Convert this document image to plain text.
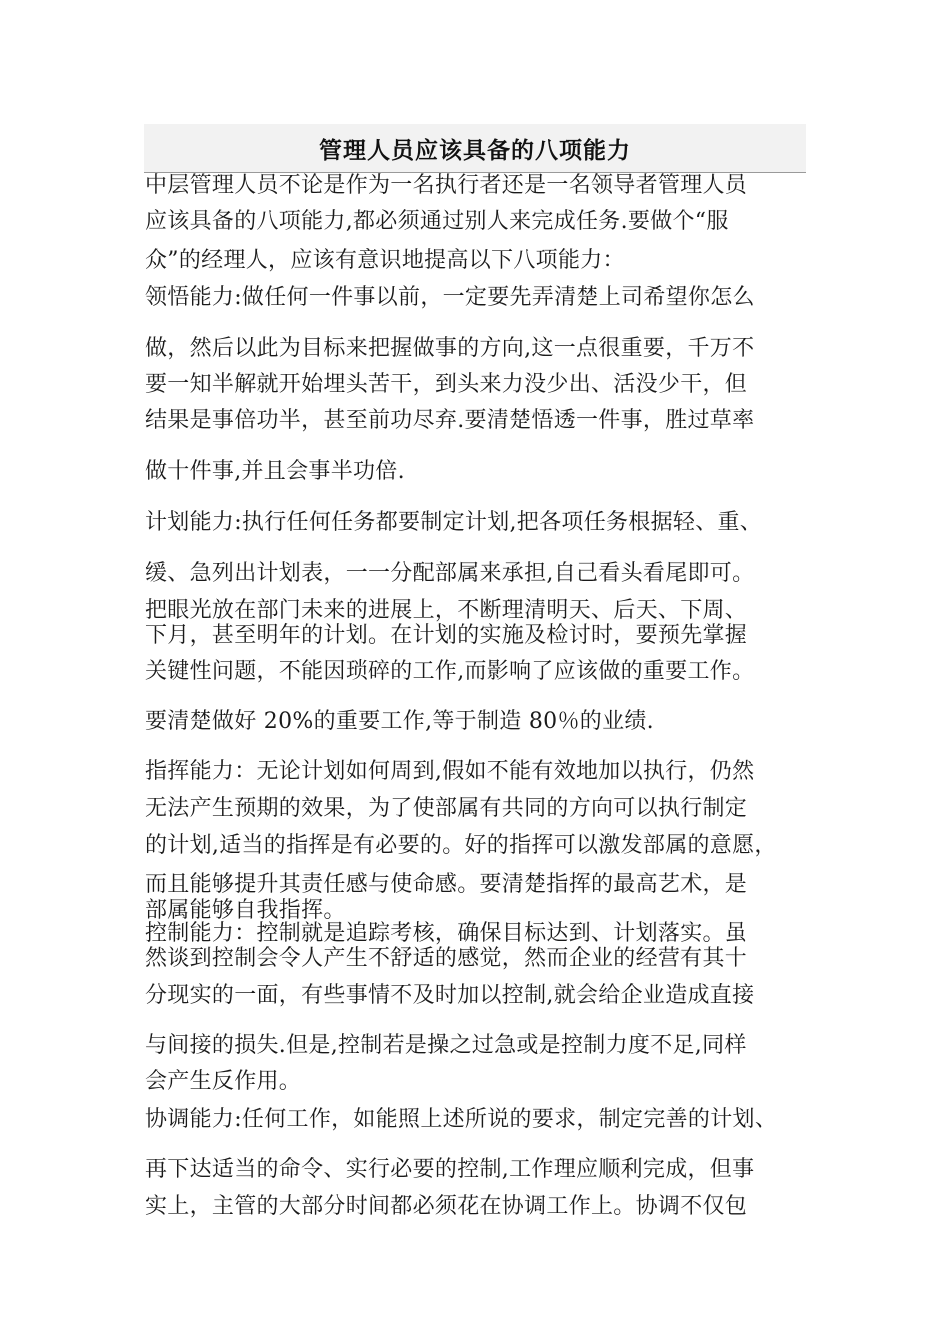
管理人员应该具备的八项能力
中层管理人员不论是作为一名执行者还是一名领导者管理人员
应该具备的八项能力,都必须通过别人来完成任务.要做个“服
众”的经理人，应该有意识地提高以下八项能力：
领悟能力:做任何一件事以前，一定要先弄清楚上司希望你怎么
做，然后以此为目标来把握做事的方向,这一点很重要，千万不
要一知半解就开始埋头苦干，到头来力没少出、活没少干，但
结果是事倍功半，甚至前功尽弃.要清楚悟透一件事，胜过草率
做十件事,并且会事半功倍.
计划能力:执行任何任务都要制定计划,把各项任务根据轻、重、
缓、急列出计划表，一一分配部属来承担,自己看头看尾即可。
把眼光放在部门未来的进展上，不断理清明天、后天、下周、
下月，甚至明年的计划。在计划的实施及检讨时，要预先掌握
关键性问题，不能因琐碎的工作,而影响了应该做的重要工作。
要清楚做好 20%的重要工作,等于制造 80％的业绩.
指挥能力：无论计划如何周到,假如不能有效地加以执行，仍然
无法产生预期的效果，为了使部属有共同的方向可以执行制定
的计划,适当的指挥是有必要的。好的指挥可以激发部属的意愿，
而且能够提升其责任感与使命感。要清楚指挥的最高艺术，是
部属能够自我指挥。
控制能力：控制就是追踪考核，确保目标达到、计划落实。虽
然谈到控制会令人产生不舒适的感觉，然而企业的经营有其十
分现实的一面，有些事情不及时加以控制,就会给企业造成直接
与间接的损失.但是,控制若是操之过急或是控制力度不足,同样
会产生反作用。
协调能力:任何工作，如能照上述所说的要求，制定完善的计划、
再下达适当的命令、实行必要的控制,工作理应顺利完成，但事
实上，主管的大部分时间都必须花在协调工作上。协调不仅包
